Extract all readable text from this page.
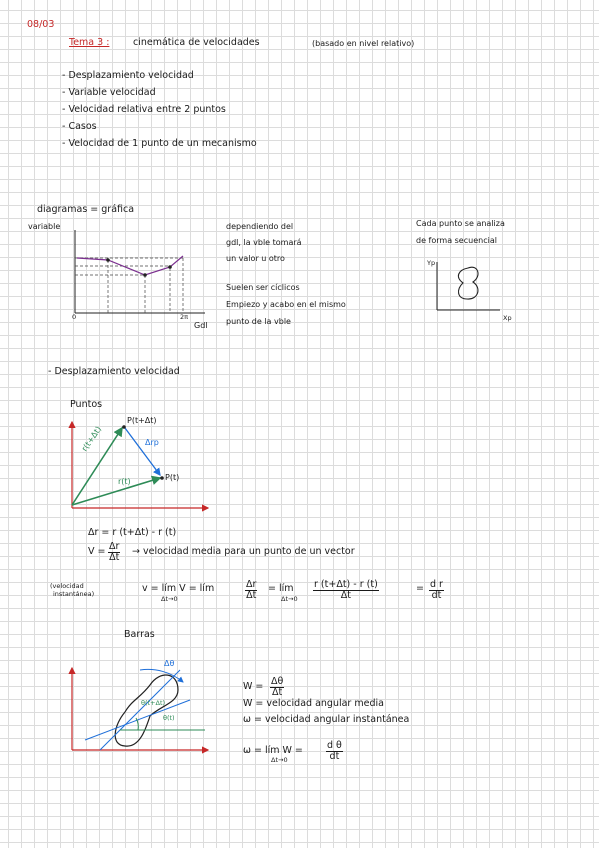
08/03
Tema 3 : cinemática de velocidades	(basado en nivel relativo)
- Desplazamiento velocidad
- Variable velocidad
- Velocidad relativa entre 2 puntos
- Casos
- Velocidad de 1 punto de un mecanismo
diagramas = gráfica
variable
0	2π
Gdl
dependiendo del
gdl, la vble tomará
un valor u otro
Suelen ser cíclicos
Empiezo y acabo en el mismo
punto de la vble
Cada punto se analiza
de forma secuencial
Yp
Xp
- Desplazamiento velocidad
Puntos
P(t+Δt)
P(t)
r(t+Δt)
r(t)
Δrp
Δr = r (t+Δt) - r (t)
$V = \frac{\Delta r}{\Delta t}$ → velocidad media para un punto de un vector
(velocidad
instantánea)	v = lím V = lím
Δt→0	$\frac{\Delta r}{\Delta t}$ = lím
$\Delta t\to 0 \frac{r (t+\Delta t) - r (t)}{\Delta t}$	= $\frac{\text{d r}}{dt}$
Barras
Δθ
θ(t+Δt)
θ(t)
$W = \frac{\Delta\theta}{\Delta t}$
W = velocidad angular media
ω = velocidad angular instantánea
ω = lím W =
Δt→0	$\frac{\text{d θ}}{dt}$
